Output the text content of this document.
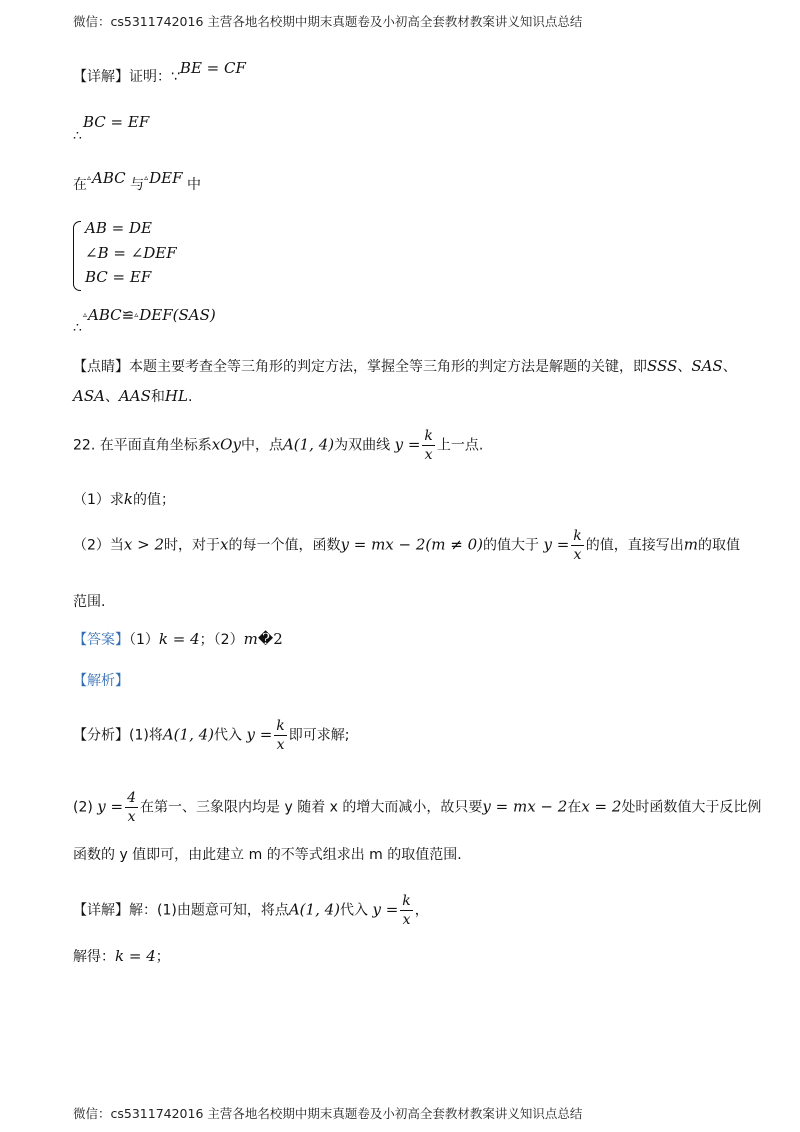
微信：cs5311742016 主营各地名校期中期末真题卷及小初高全套教材教案讲义知识点总结
【详解】证明：∵BE = CF
BC = EF
∴
在▵ABC 与▵DEF 中
AB = DE
∠B = ∠DEF
BC = EF
▵ABC≌▵DEF(SAS)
∴
【点睛】本题主要考查全等三角形的判定方法，掌握全等三角形的判定方法是解题的关键，即SSS、SAS、
ASA、AAS和HL.
22. 在平面直角坐标系xOy中，点A(1, 4)为双曲线 $y = \frac{k}{x}$ 上一点.
（1）求k的值；
（2）当x > 2时，对于x的每一个值，函数y = mx − 2(m ≠ 0)的值大于 $y = \frac{k}{x}$ 的值，直接写出m的取值
范围.
【答案】（1）k = 4；（2）m�2
【解析】
【分析】(1)将A(1, 4)代入 $y = \frac{k}{x}$ 即可求解;
(2) $y = \frac{4}{x}$ 在第一、三象限内均是 y 随着 x 的增大而减小，故只要y = mx − 2在x = 2处时函数值大于反比例
函数的 y 值即可，由此建立 m 的不等式组求出 m 的取值范围.
【详解】解：(1)由题意可知，将点A(1, 4)代入 $y = \frac{k}{x}$ ，
解得：k = 4；
微信：cs5311742016 主营各地名校期中期末真题卷及小初高全套教材教案讲义知识点总结
